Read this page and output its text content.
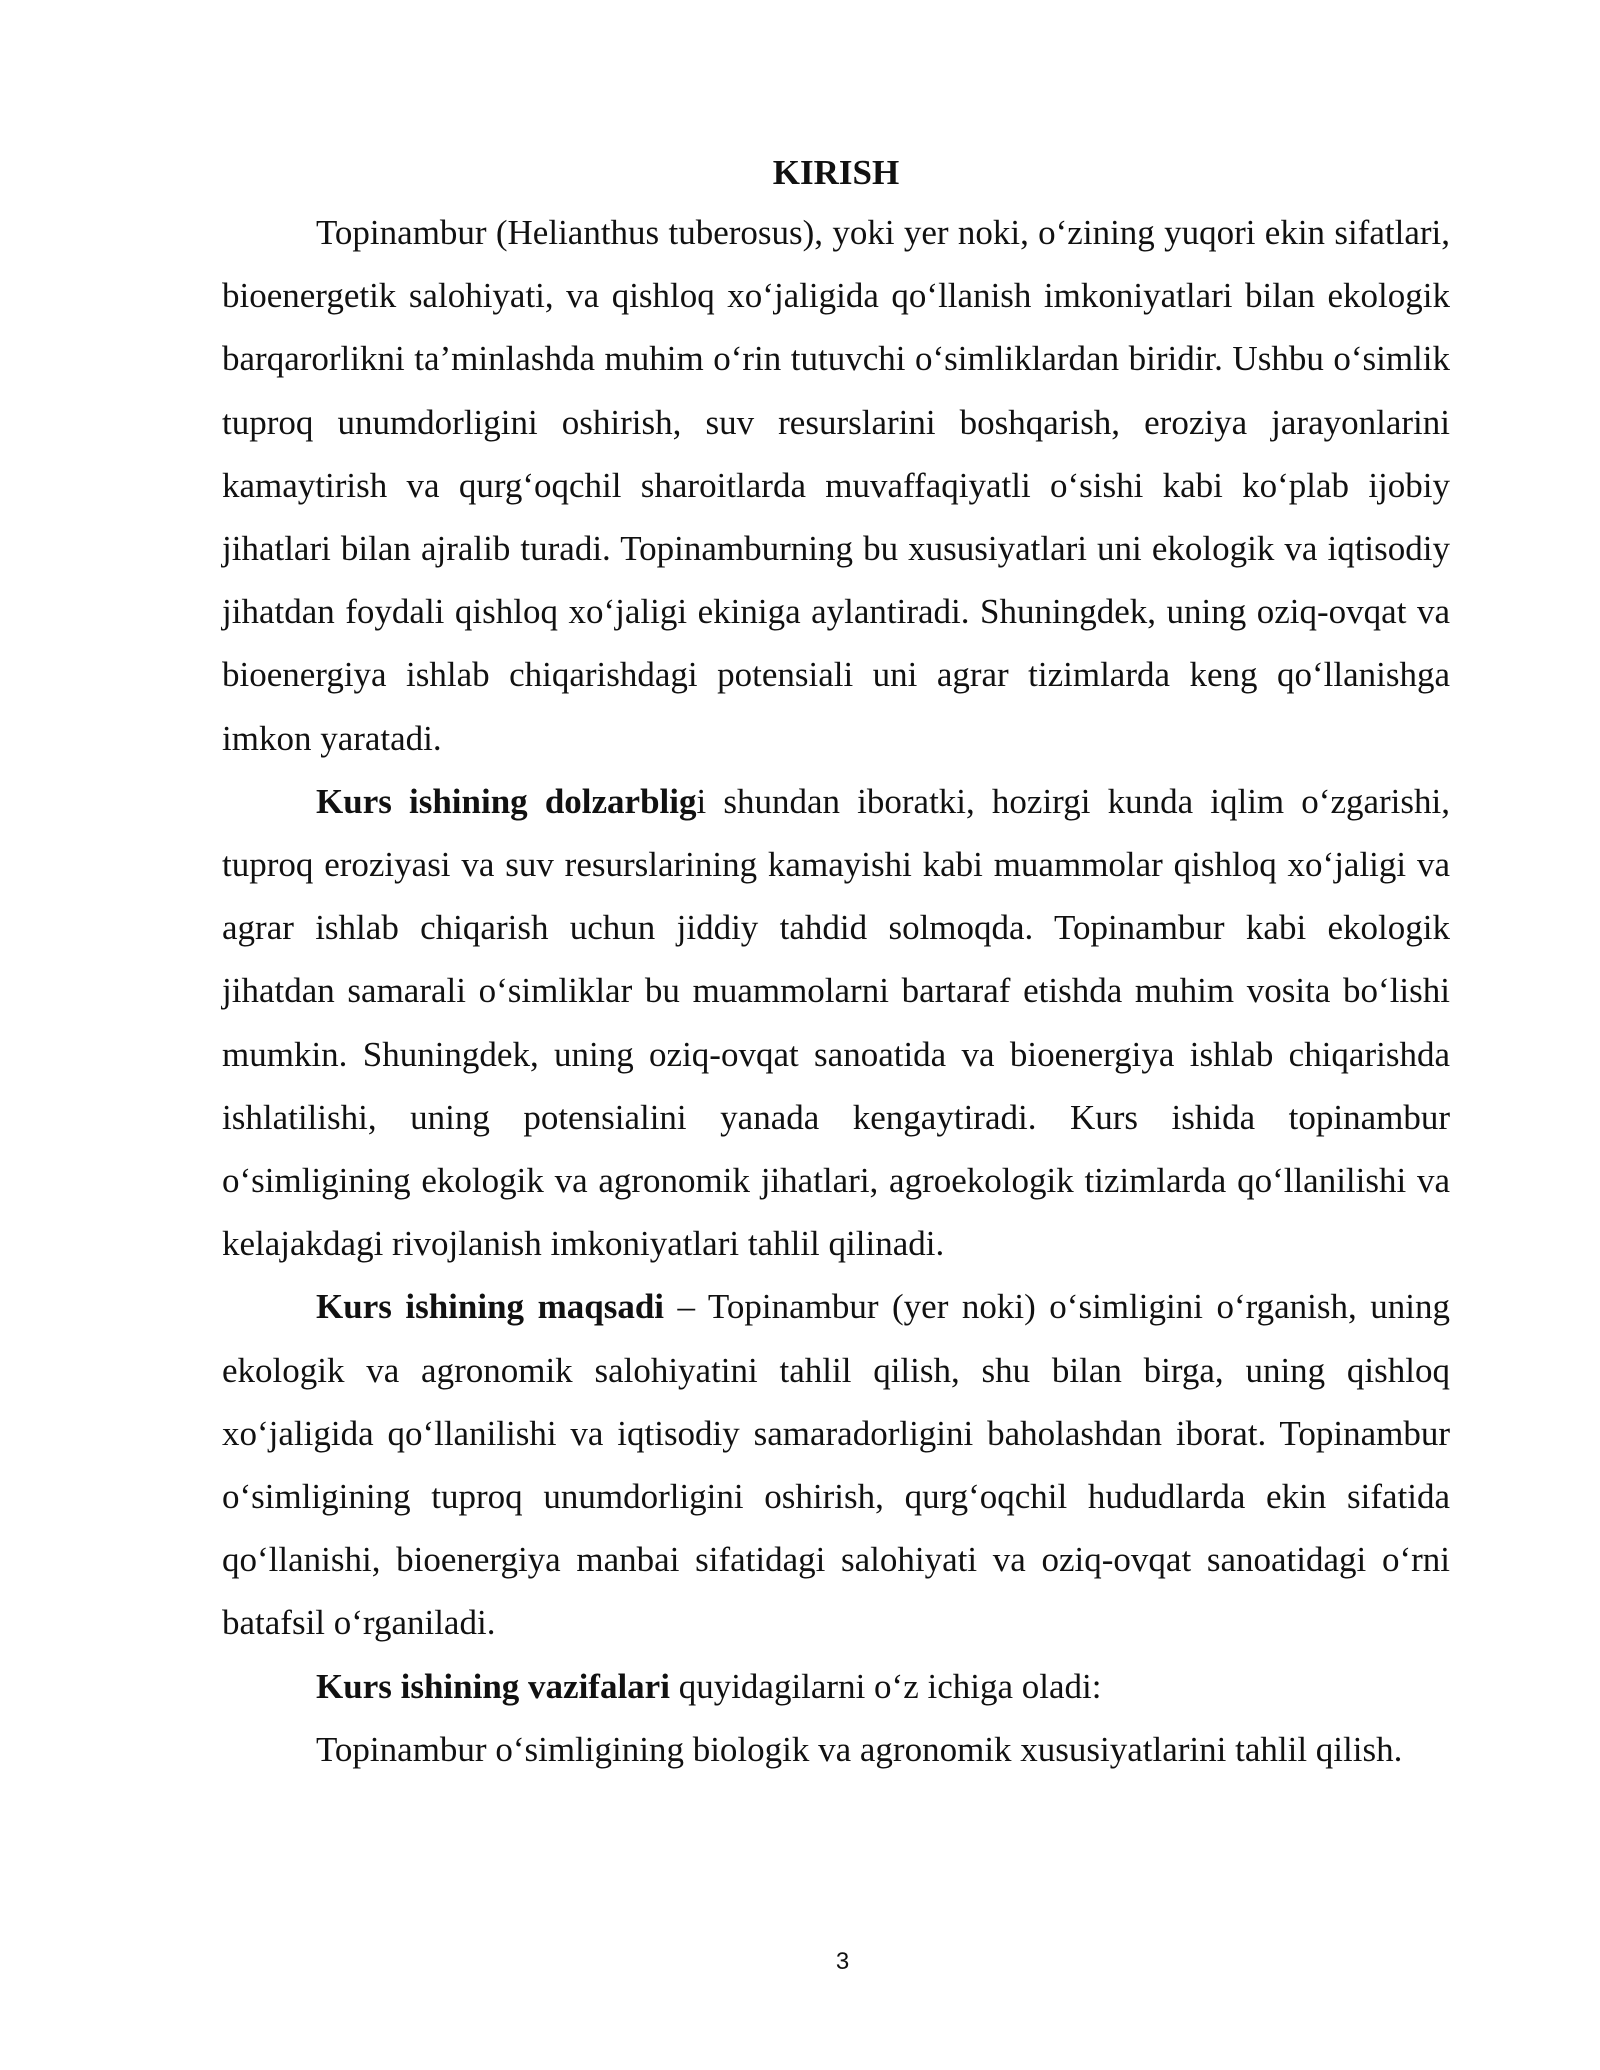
KIRISH

Topinambur (Helianthus tuberosus), yoki yer noki, o‘zining yuqori ekin sifatlari, bioenergetik salohiyati, va qishloq xo‘jaligida qo‘llanish imkoniyatlari bilan ekologik barqarorlikni ta’minlashda muhim o‘rin tutuvchi o‘simliklardan biridir. Ushbu o‘simlik tuproq unumdorligini oshirish, suv resurslarini boshqarish, eroziya jarayonlarini kamaytirish va qurg‘oqchil sharoitlarda muvaffaqiyatli o‘sishi kabi ko‘plab ijobiy jihatlari bilan ajralib turadi. Topinamburning bu xususiyatlari uni ekologik va iqtisodiy jihatdan foydali qishloq xo‘jaligi ekiniga aylantiradi. Shuningdek, uning oziq-ovqat va bioenergiya ishlab chiqarishdagi potensiali uni agrar tizimlarda keng qo‘llanishga imkon yaratadi.

Kurs ishining dolzarbligi shundan iboratki, hozirgi kunda iqlim o‘zgarishi, tuproq eroziyasi va suv resurslarining kamayishi kabi muammolar qishloq xo‘jaligi va agrar ishlab chiqarish uchun jiddiy tahdid solmoqda. Topinambur kabi ekologik jihatdan samarali o‘simliklar bu muammolarni bartaraf etishda muhim vosita bo‘lishi mumkin. Shuningdek, uning oziq-ovqat sanoatida va bioenergiya ishlab chiqarishda ishlatilishi, uning potensialini yanada kengaytiradi. Kurs ishida topinambur o‘simligining ekologik va agronomik jihatlari, agroekologik tizimlarda qo‘llanilishi va kelajakdagi rivojlanish imkoniyatlari tahlil qilinadi.

Kurs ishining maqsadi – Topinambur (yer noki) o‘simligini o‘rganish, uning ekologik va agronomik salohiyatini tahlil qilish, shu bilan birga, uning qishloq xo‘jaligida qo‘llanilishi va iqtisodiy samaradorligini baholashdan iborat. Topinambur o‘simligining tuproq unumdorligini oshirish, qurg‘oqchil hududlarda ekin sifatida qo‘llanishi, bioenergiya manbai sifatidagi salohiyati va oziq-ovqat sanoatidagi o‘rni batafsil o‘rganiladi.

Kurs ishining vazifalari quyidagilarni o‘z ichiga oladi:

Topinambur o‘simligining biologik va agronomik xususiyatlarini tahlil qilish.

3
